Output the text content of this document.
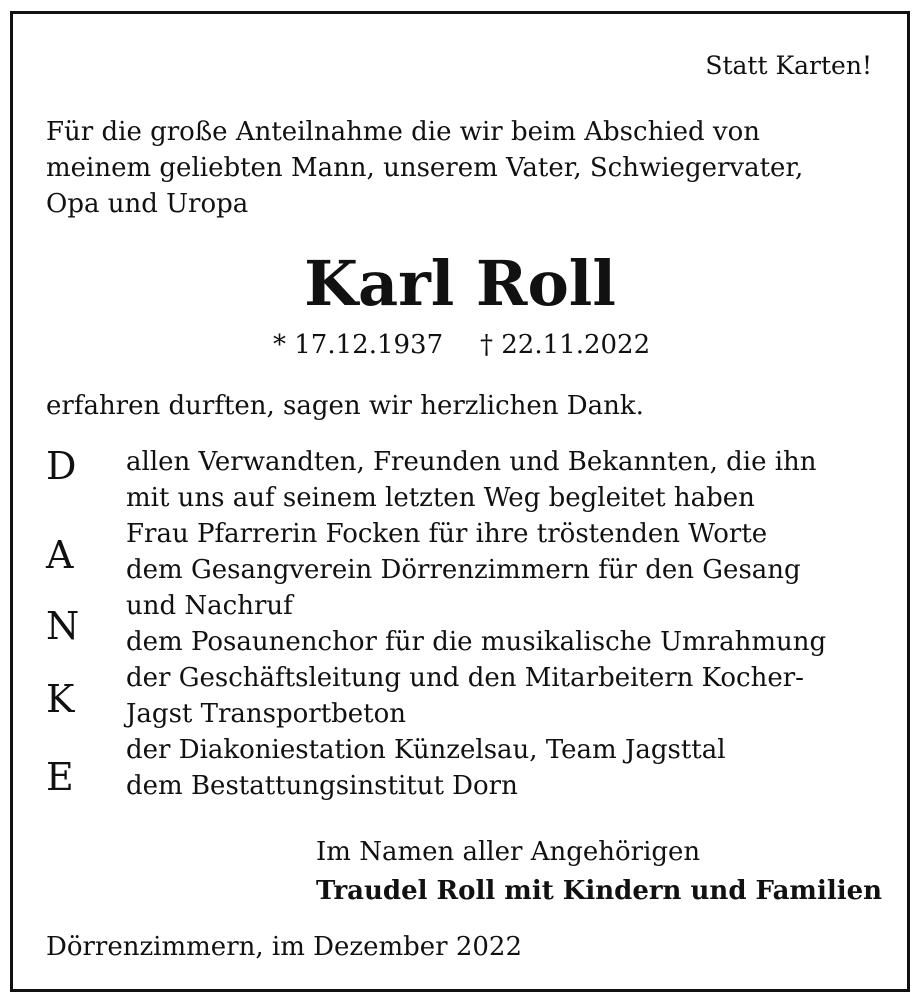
Statt Karten!
Für die große Anteilnahme die wir beim Abschied von
meinem geliebten Mann, unserem Vater, Schwiegervater,
Opa und Uropa
Karl Roll
* 17.12.1937 † 22.11.2022
erfahren durften, sagen wir herzlichen Dank.
D
A
N
K
E
allen Verwandten, Freunden und Bekannten, die ihn
mit uns auf seinem letzten Weg begleitet haben
Frau Pfarrerin Focken für ihre tröstenden Worte
dem Gesangverein Dörrenzimmern für den Gesang
und Nachruf
dem Posaunenchor für die musikalische Umrahmung
der Geschäftsleitung und den Mitarbeitern Kocher-
Jagst Transportbeton
der Diakoniestation Künzelsau, Team Jagsttal
dem Bestattungsinstitut Dorn
Im Namen aller Angehörigen
Traudel Roll mit Kindern und Familien
Dörrenzimmern, im Dezember 2022
